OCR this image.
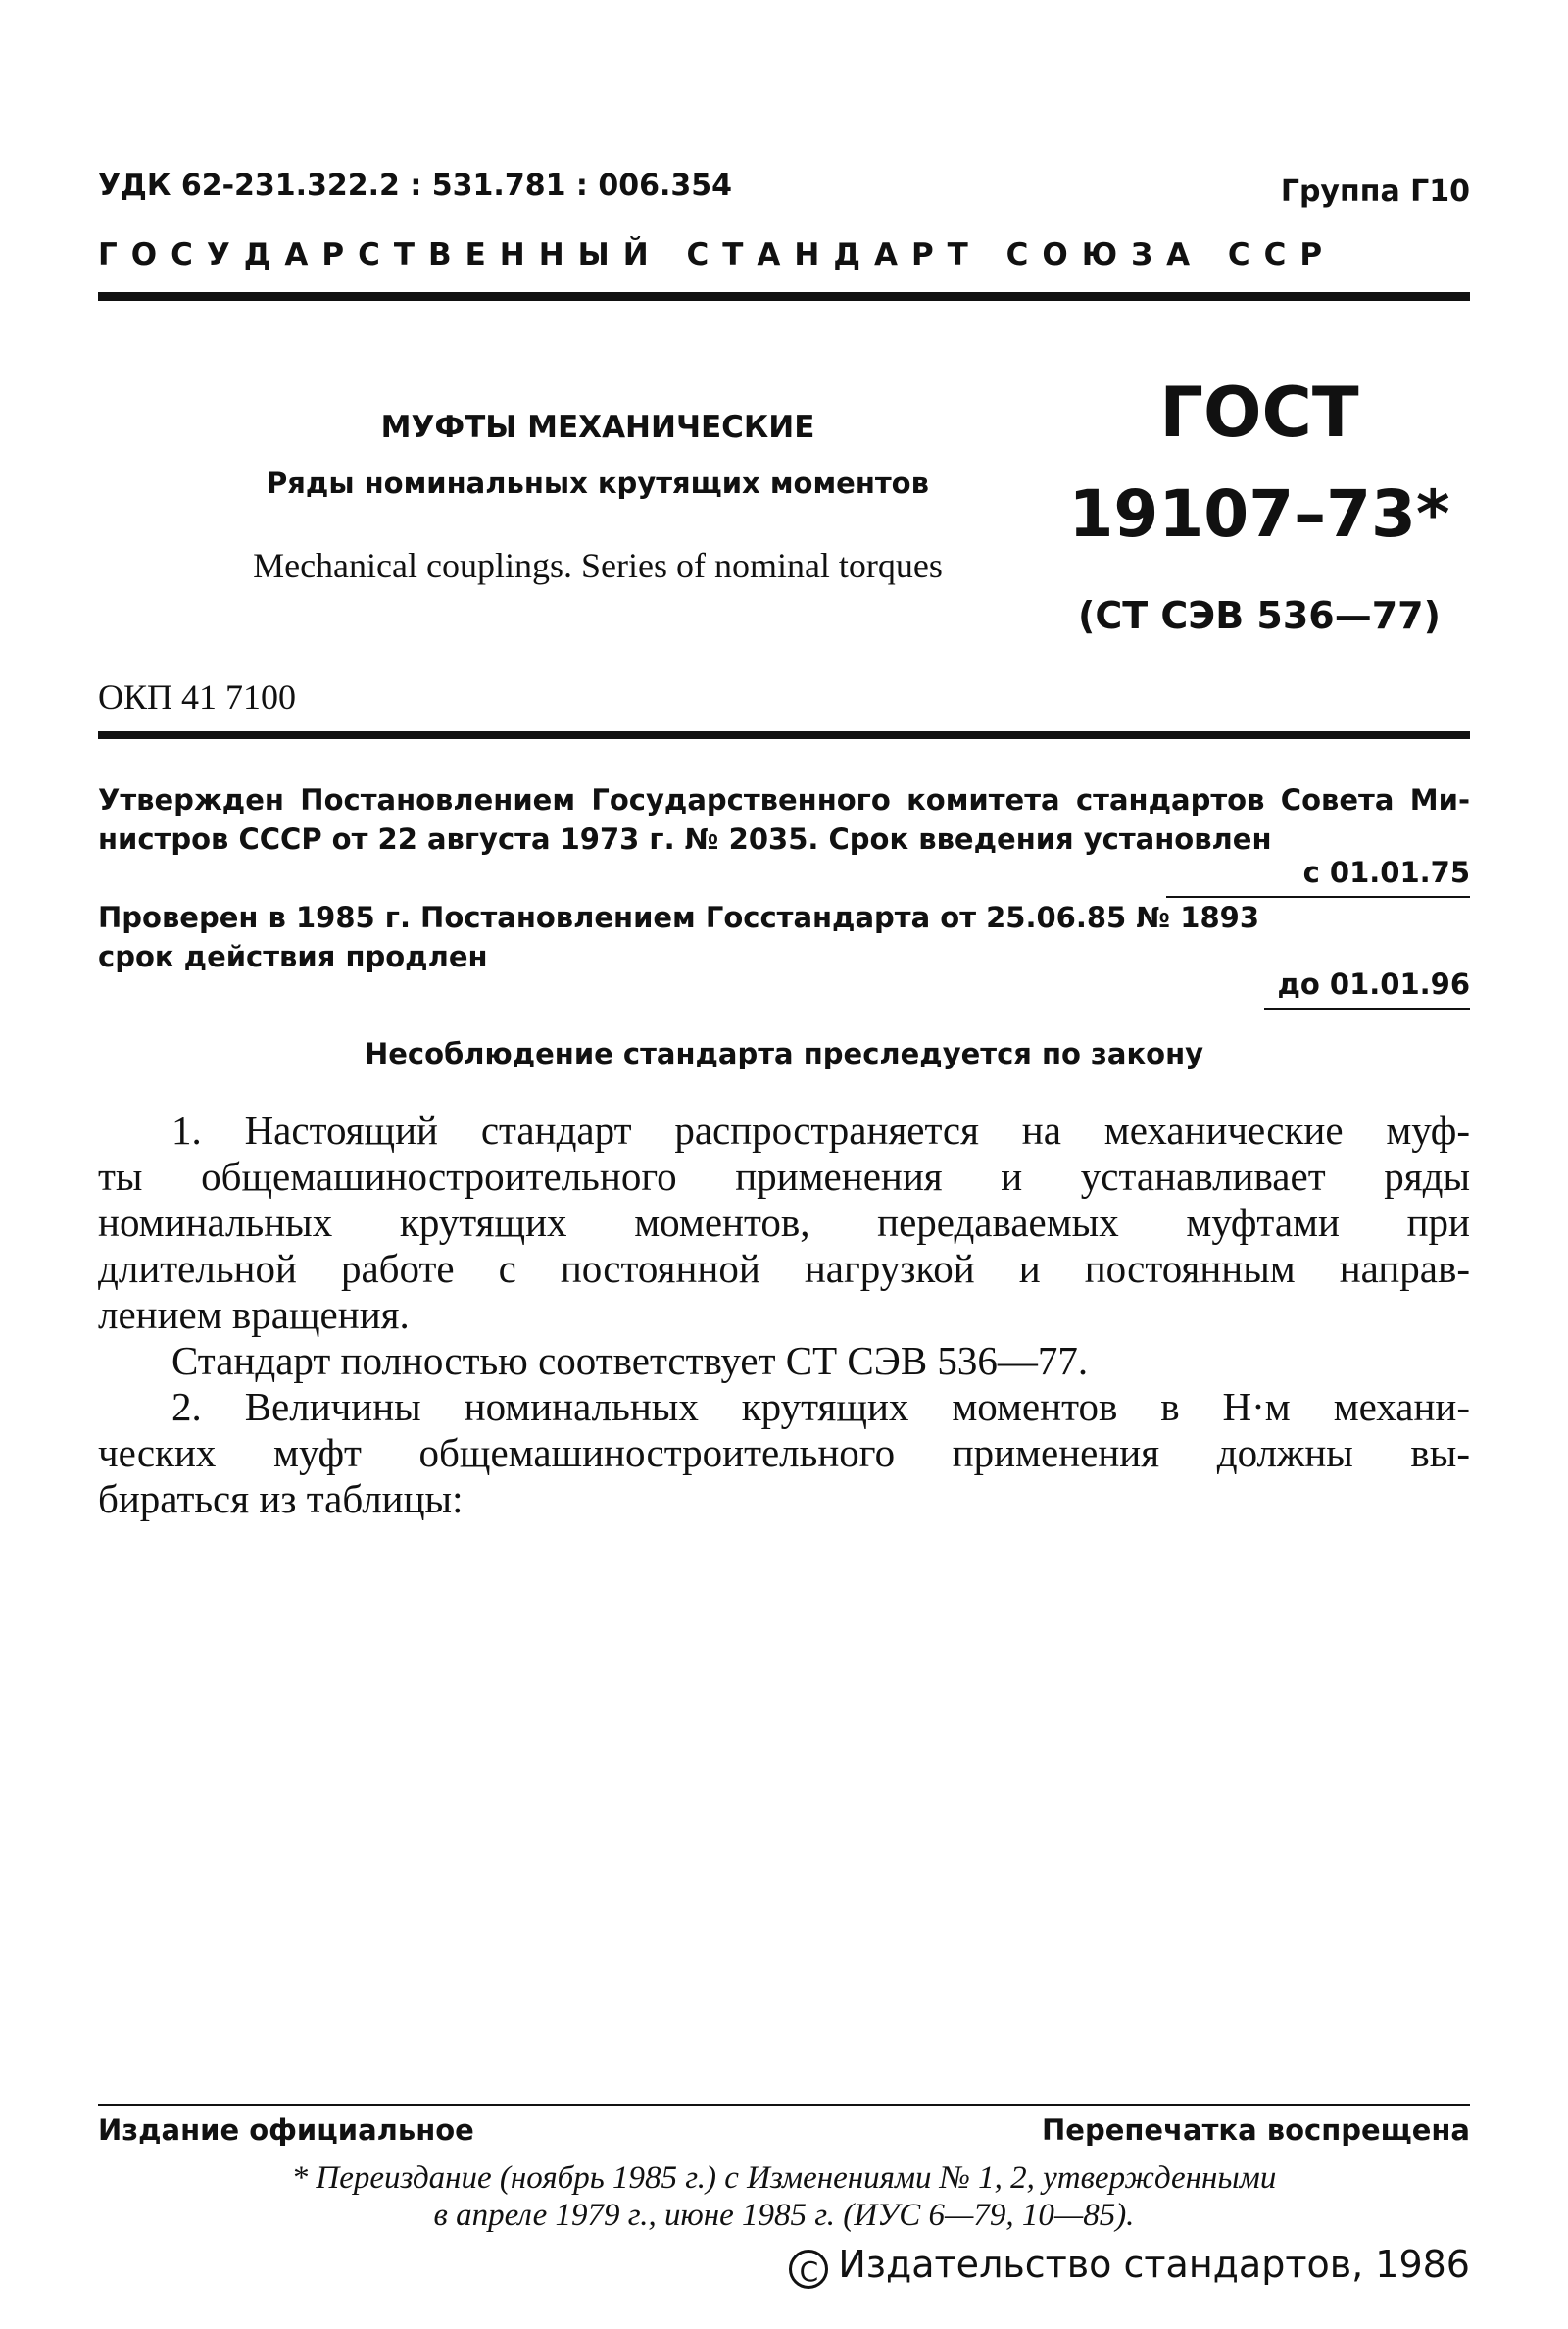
УДК 62-231.322.2 : 531.781 : 006.354	Группа Г10
ГОСУДАРСТВЕННЫЙ СТАНДАРТ СОЮЗА ССР
МУФТЫ МЕХАНИЧЕСКИЕ
Ряды номинальных крутящих моментов
Mechanical couplings. Series of nominal torques
ГОСТ
19107–73*
(СТ СЭВ 536—77)
ОКП 41 7100
Утвержден Постановлением Государственного комитета стандартов Совета Ми-
нистров СССР от 22 августа 1973 г. № 2035. Срок введения установлен
с 01.01.75
Проверен в 1985 г. Постановлением Госстандарта от 25.06.85 № 1893
срок действия продлен
до 01.01.96
Несоблюдение стандарта преследуется по закону
1. Настоящий стандарт распространяется на механические муф-
ты общемашиностроительного применения и устанавливает ряды
номинальных крутящих моментов, передаваемых муфтами при
длительной работе с постоянной нагрузкой и постоянным направ-
лением вращения.
Стандарт полностью соответствует СТ СЭВ 536—77.
2. Величины номинальных крутящих моментов в Н·м механи-
ческих муфт общемашиностроительного применения должны вы-
бираться из таблицы:
Издание официальное	Перепечатка воспрещена
* Переиздание (ноябрь 1985 г.) с Изменениями № 1, 2, утвержденными
в апреле 1979 г., июне 1985 г. (ИУС 6—79, 10—85).
C Издательство стандартов, 1986
